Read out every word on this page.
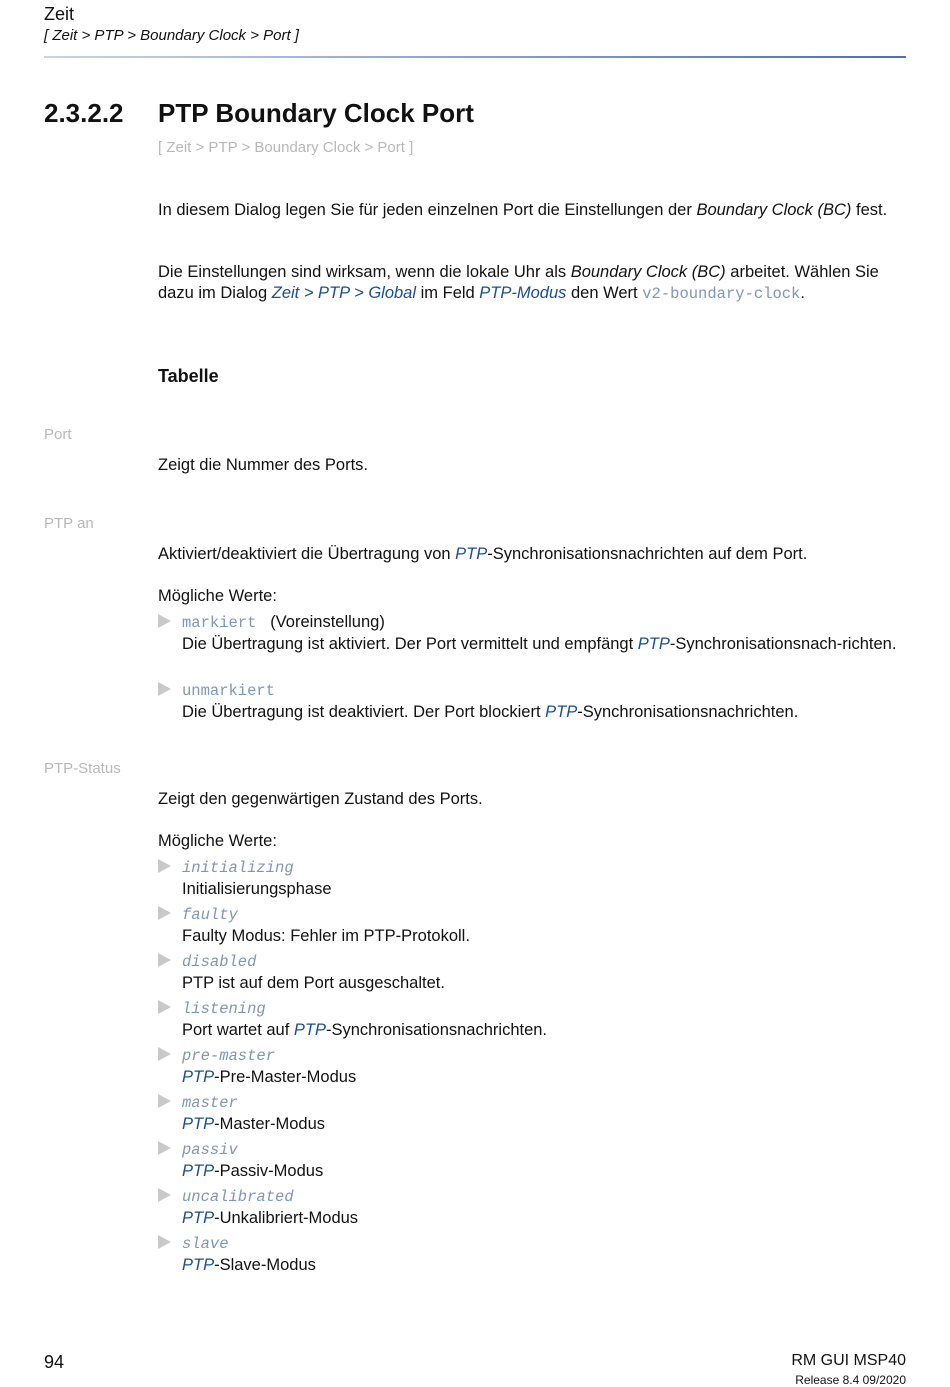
Zeit
[ Zeit > PTP > Boundary Clock > Port ]
2.3.2.2 PTP Boundary Clock Port
[ Zeit > PTP > Boundary Clock > Port ]
In diesem Dialog legen Sie für jeden einzelnen Port die Einstellungen der Boundary Clock (BC) fest.
Die Einstellungen sind wirksam, wenn die lokale Uhr als Boundary Clock (BC) arbeitet. Wählen Sie dazu im Dialog Zeit > PTP > Global im Feld PTP-Modus den Wert v2-boundary-clock.
Tabelle
Port
Zeigt die Nummer des Ports.
PTP an
Aktiviert/deaktiviert die Übertragung von PTP-Synchronisationsnachrichten auf dem Port.
Mögliche Werte:
markiert (Voreinstellung)
Die Übertragung ist aktiviert. Der Port vermittelt und empfängt PTP-Synchronisationsnach-richten.
unmarkiert
Die Übertragung ist deaktiviert. Der Port blockiert PTP-Synchronisationsnachrichten.
PTP-Status
Zeigt den gegenwärtigen Zustand des Ports.
Mögliche Werte:
initializing
Initialisierungsphase
faulty
Faulty Modus: Fehler im PTP-Protokoll.
disabled
PTP ist auf dem Port ausgeschaltet.
listening
Port wartet auf PTP-Synchronisationsnachrichten.
pre-master
PTP-Pre-Master-Modus
master
PTP-Master-Modus
passiv
PTP-Passiv-Modus
uncalibrated
PTP-Unkalibriert-Modus
slave
PTP-Slave-Modus
94	RM GUI MSP40
Release 8.4 09/2020
